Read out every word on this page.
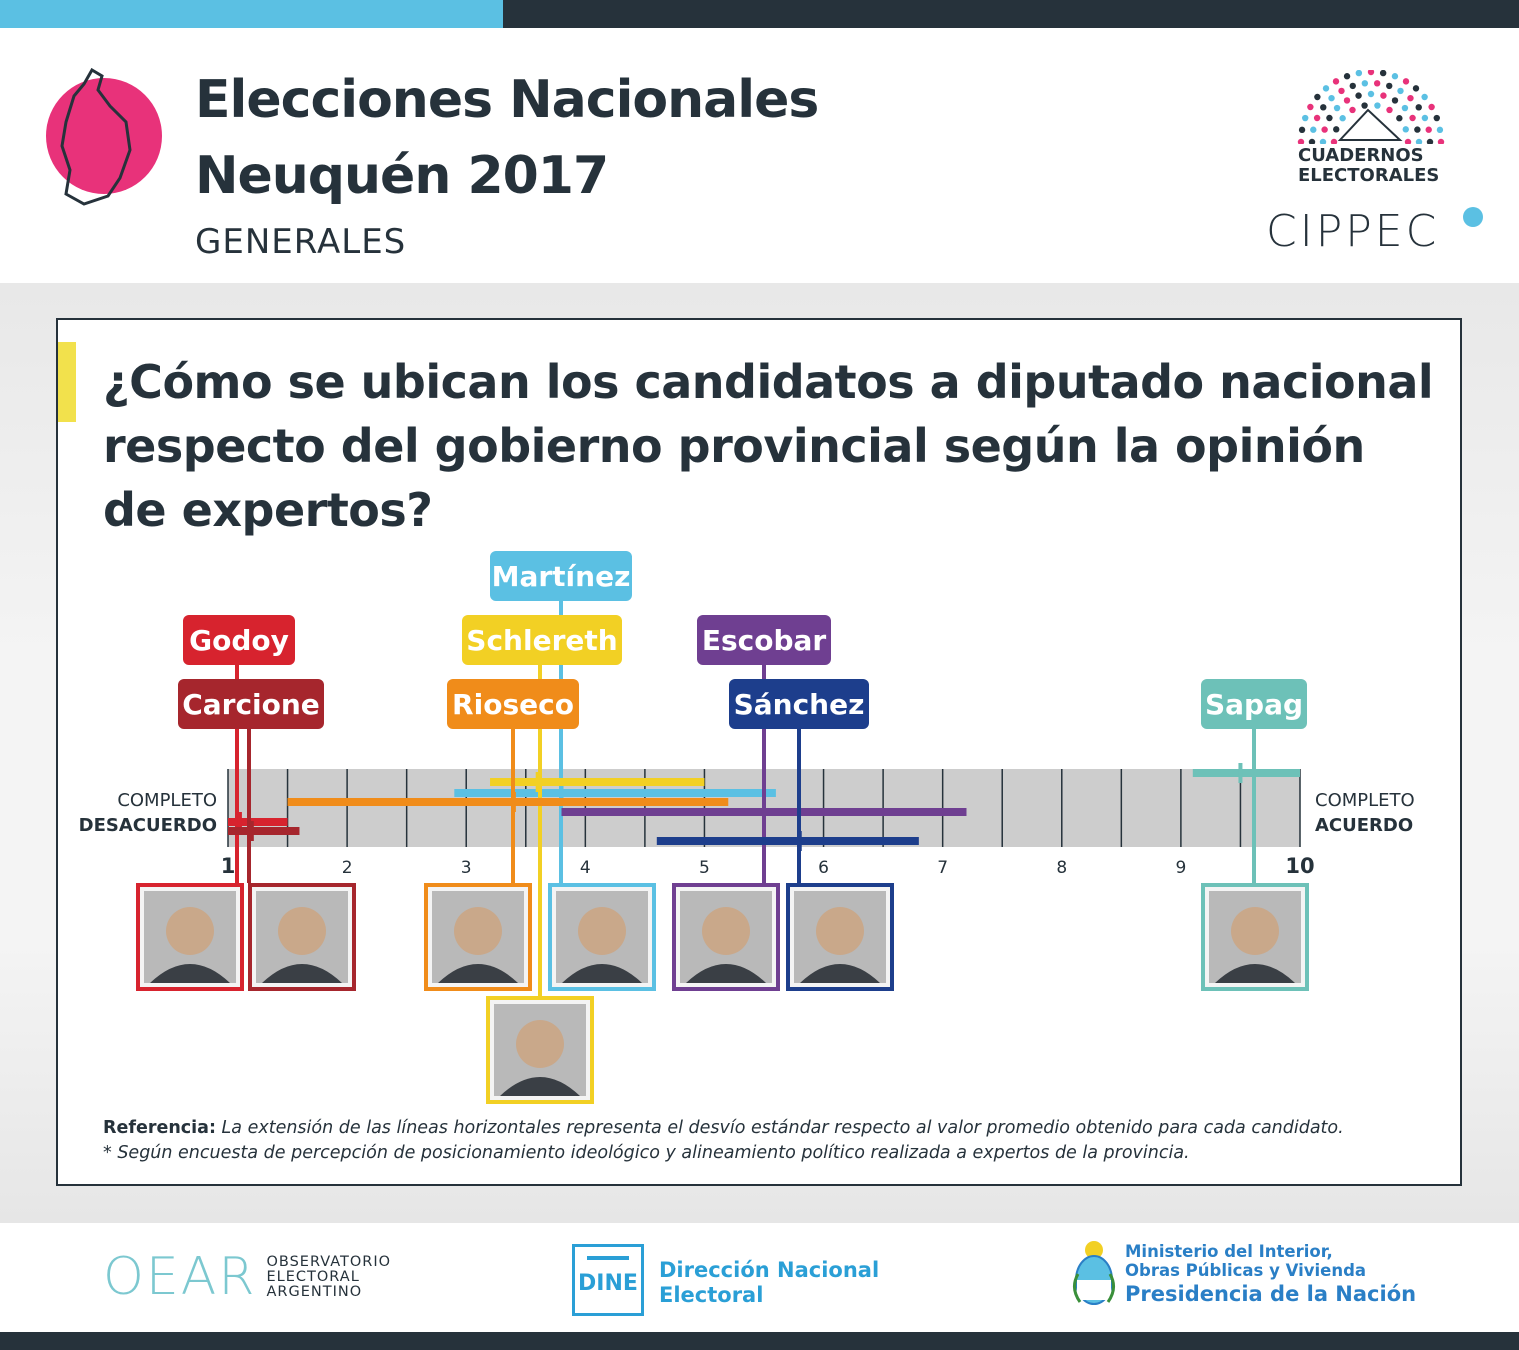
Elecciones Nacionales
Neuquén 2017
GENERALES
CUADERNOS
ELECTORALES
CIPPEC
¿Cómo se ubican los candidatos a diputado nacional respecto del gobierno provincial según la opinión de expertos?
1	2	3	4	5	6	7	8	9	10
COMPLETO
DESACUERDO
COMPLETO
ACUERDO
Godoy
Carcione
Martínez
Schlereth
Rioseco
Escobar
Sánchez	Sapag
Referencia: La extensión de las líneas horizontales representa el desvío estándar respecto al valor promedio obtenido para cada candidato.
* Según encuesta de percepción de posicionamiento ideológico y alineamiento político realizada a expertos de la provincia.
OEAR OBSERVATORIO
ELECTORAL
ARGENTINO	DINE
Dirección Nacional
Electoral
Ministerio del Interior,
Obras Públicas y Vivienda
Presidencia de la Nación
